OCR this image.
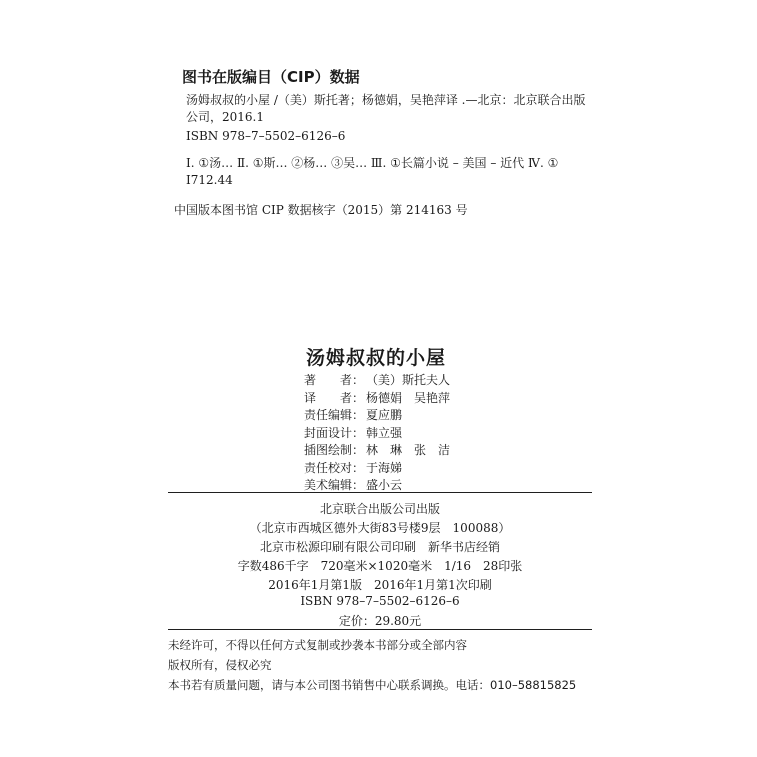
图书在版编目（CIP）数据
汤姆叔叔的小屋 /（美）斯托著；杨德娟，吴艳萍译 .—北京：北京联合出版公司，2016.1
ISBN 978–7–5502–6126–6
Ⅰ. ①汤… Ⅱ. ①斯… ②杨… ③吴… Ⅲ. ①长篇小说 – 美国 – 近代 Ⅳ. ① I712.44
中国版本图书馆 CIP 数据核字（2015）第 214163 号
汤姆叔叔的小屋
著　　者： （美）斯托夫人
译　　者： 杨德娟　吴艳萍
责任编辑： 夏应鹏
封面设计： 韩立强
插图绘制： 林　琳　张　洁
责任校对： 于海娣
美术编辑： 盛小云
北京联合出版公司出版
（北京市西城区德外大街83号楼9层　100088）
北京市松源印刷有限公司印刷　新华书店经销
字数486千字　720毫米×1020毫米　1/16　28印张
2016年1月第1版　2016年1月第1次印刷
ISBN 978–7–5502–6126–6
定价：29.80元
未经许可，不得以任何方式复制或抄袭本书部分或全部内容
版权所有，侵权必究
本书若有质量问题，请与本公司图书销售中心联系调换。电话：010–58815825
